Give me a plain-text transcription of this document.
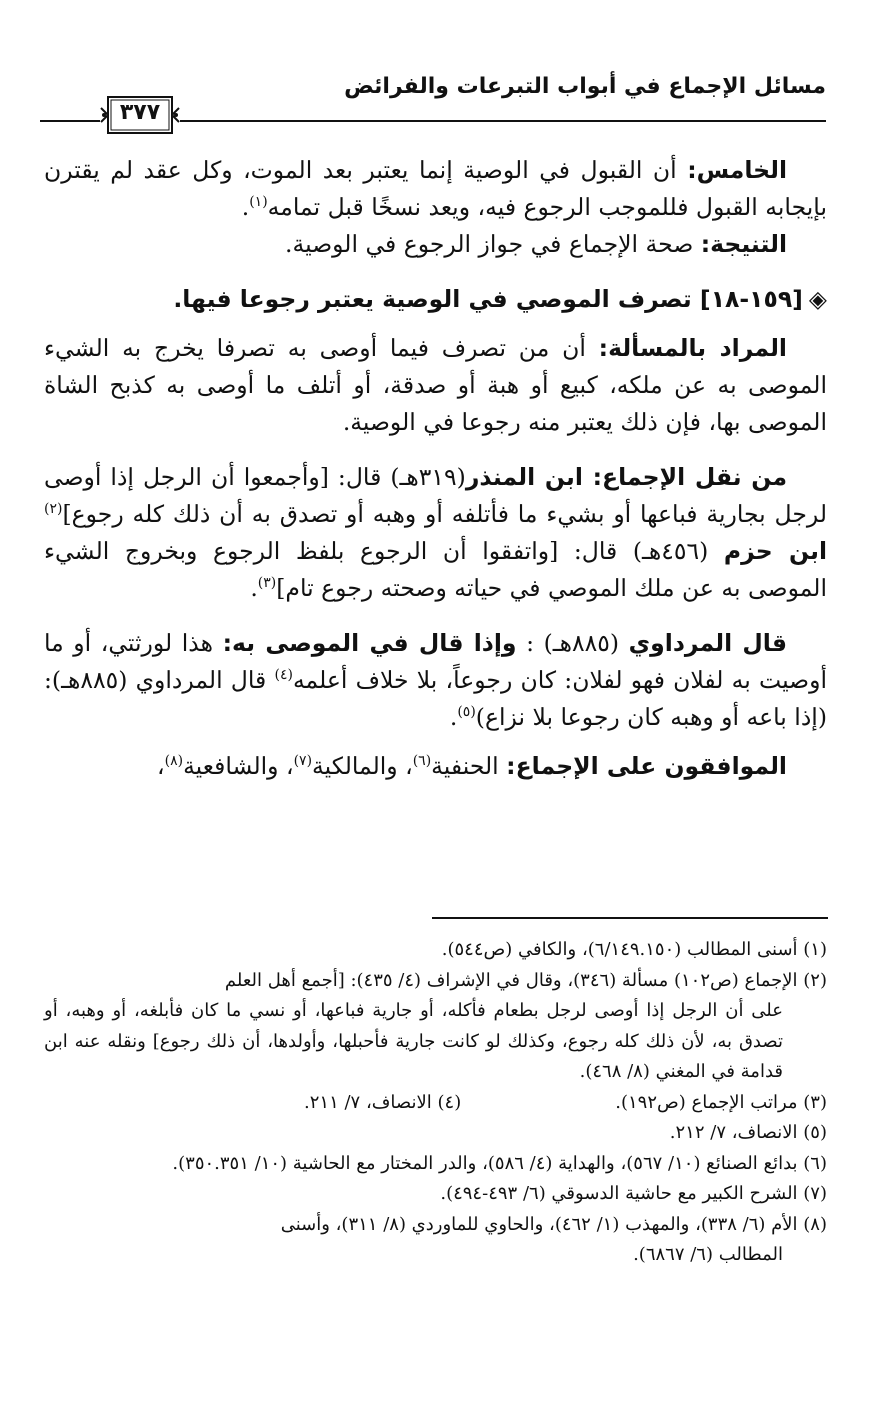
مسائل الإجماع في أبواب التبرعات والفرائض
٣٧٧

الخامس: أن القبول في الوصية إنما يعتبر بعد الموت، وكل عقد لم يقترن بإيجابه القبول فللموجب الرجوع فيه، ويعد نسخًا قبل تمامه$^{(١)}$.

التنيجة: صحة الإجماع في جواز الرجوع في الوصية.

◈[١٥٩-١٨] تصرف الموصي في الوصية يعتبر رجوعا فيها.

المراد بالمسألة: أن من تصرف فيما أوصى به تصرفا يخرج به الشيء الموصى به عن ملكه، كبيع أو هبة أو صدقة، أو أتلف ما أوصى به كذبح الشاة الموصى بها، فإن ذلك يعتبر منه رجوعا في الوصية.

من نقل الإجماع: ابن المنذر(٣١٩هـ) قال: [وأجمعوا أن الرجل إذا أوصى لرجل بجارية فباعها أو بشيء ما فأتلفه أو وهبه أو تصدق به أن ذلك كله رجوع]$^{(٢)}$ ابن حزم (٤٥٦هـ) قال: [واتفقوا أن الرجوع بلفظ الرجوع وبخروج الشيء الموصى به عن ملك الموصي في حياته وصحته رجوع تام]$^{(٣)}$.

قال المرداوي (٨٨٥هـ) : وإذا قال في الموصى به: هذا لورثتي، أو ما أوصيت به لفلان فهو لفلان: كان رجوعاً، بلا خلاف أعلمه$^{(٤)}$ قال المرداوي (٨٨٥هـ): (إذا باعه أو وهبه كان رجوعا بلا نزاع)$^{(٥)}$.

الموافقون على الإجماع: الحنفية$^{(٦)}$، والمالكية$^{(٧)}$، والشافعية$^{(٨)}$،

(١) أسنى المطالب (٦/١٤٩.١٥٠)، والكافي (ص٥٤٤).

(٢) الإجماع (ص١٠٢) مسألة (٣٤٦)، وقال في الإشراف (٤/ ٤٣٥): [أجمع أهل العلم

على أن الرجل إذا أوصى لرجل بطعام فأكله، أو جارية فباعها، أو نسي ما كان فأبلغه، أو وهبه، أو تصدق به، لأن ذلك كله رجوع، وكذلك لو كانت جارية فأحبلها، وأولدها، أن ذلك رجوع] ونقله عنه ابن قدامة في المغني (٨/ ٤٦٨).

(٣) مراتب الإجماع (ص١٩٢).
(٤) الانصاف، ٧/ ٢١١.

(٥) الانصاف، ٧/ ٢١٢.

(٦) بدائع الصنائع (١٠/ ٥٦٧)، والهداية (٤/ ٥٨٦)، والدر المختار مع الحاشية (١٠/ ٣٥٠.٣٥١).

(٧) الشرح الكبير مع حاشية الدسوقي (٦/ ٤٩٣-٤٩٤).

(٨) الأم (٦/ ٣٣٨)، والمهذب (١/ ٤٦٢)، والحاوي للماوردي (٨/ ٣١١)، وأسنى

المطالب (٦/ ٦٨٦٧).
